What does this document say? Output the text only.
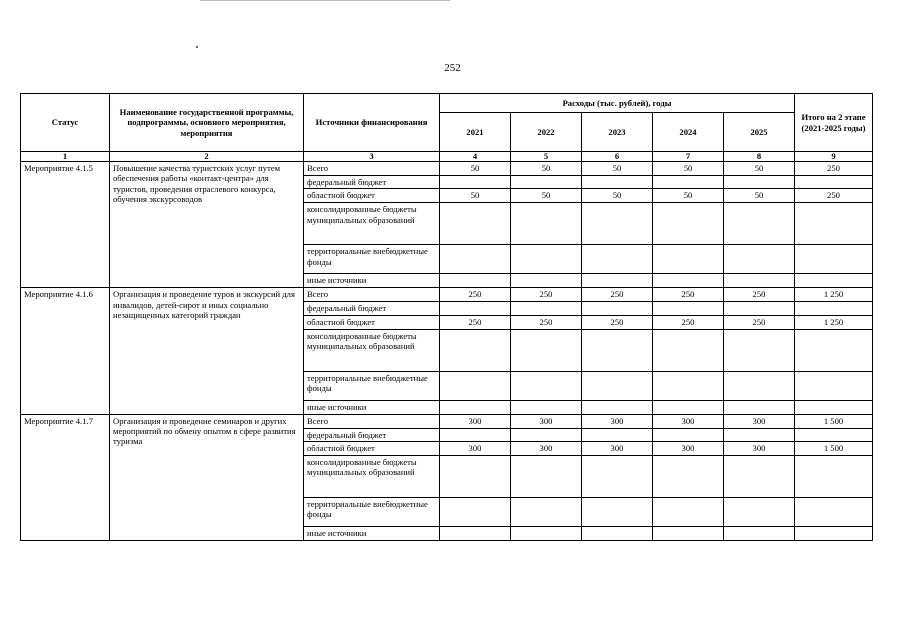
252
Статус	Наименование государственной программы, подпрограммы, основного мероприятия, мероприятия	Источники финансирования	Расходы (тыс. рублей), годы					Итого на 2 этапе (2021-2025 годы)
			2021	2022	2023	2024	2025	
1	2	3	4	5	6	7	8	9
Мероприятие 4.1.5	Повышение качества туристских услуг путем обеспечения работы «контакт-центра» для туристов, проведения отраслевого конкурса, обучения экскурсоводов	Всего	50	50	50	50	50	250
		федеральный бюджет						
		областной бюджет	50	50	50	50	50	250
		консолидированные бюджеты муниципальных образований						
		территориальные внебюджетные фонды						
		иные источники						
Мероприятие 4.1.6	Организация и проведение туров и экскурсий для инвалидов, детей-сирот и иных социально незащищенных категорий граждан	Всего	250	250	250	250	250	1 250
		федеральный бюджет						
		областной бюджет	250	250	250	250	250	1 250
		консолидированные бюджеты муниципальных образований						
		территориальные внебюджетные фонды						
		иные источники						
Мероприятие 4.1.7	Организация и проведение семинаров и других мероприятий по обмену опытом в сфере развития туризма	Всего	300	300	300	300	300	1 500
		федеральный бюджет						
		областной бюджет	300	300	300	300	300	1 500
		консолидированные бюджеты муниципальных образований						
		территориальные внебюджетные фонды						
		иные источники						
